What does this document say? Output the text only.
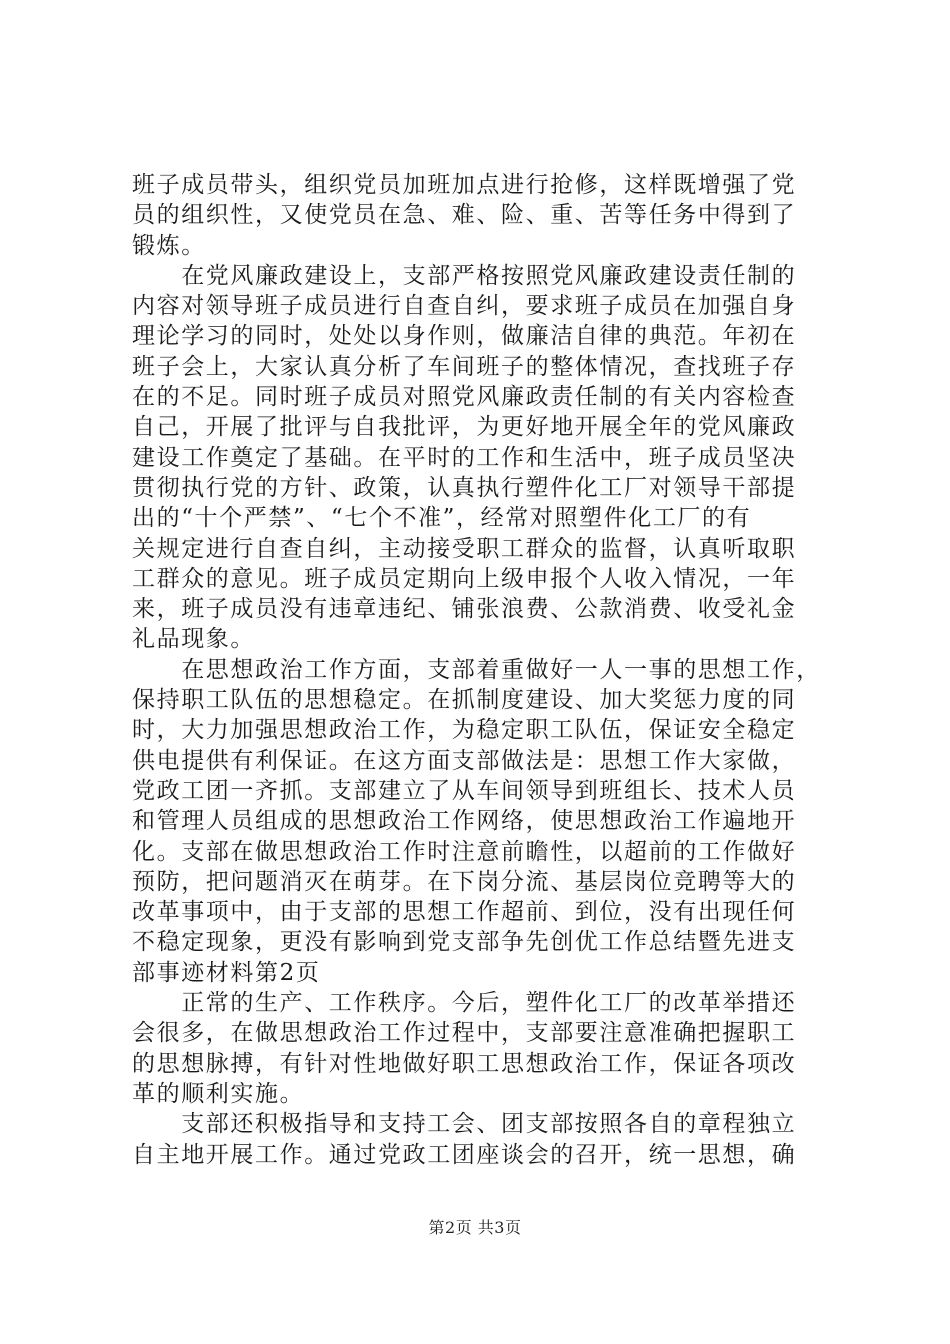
班子成员带头，组织党员加班加点进行抢修，这样既增强了党
员的组织性，又使党员在急、难、险、重、苦等任务中得到了
锻炼。
　　在党风廉政建设上，支部严格按照党风廉政建设责任制的
内容对领导班子成员进行自查自纠，要求班子成员在加强自身
理论学习的同时，处处以身作则，做廉洁自律的典范。年初在
班子会上，大家认真分析了车间班子的整体情况，查找班子存
在的不足。同时班子成员对照党风廉政责任制的有关内容检查
自己，开展了批评与自我批评，为更好地开展全年的党风廉政
建设工作奠定了基础。在平时的工作和生活中，班子成员坚决
贯彻执行党的方针、政策，认真执行塑件化工厂对领导干部提
出的“十个严禁”、“七个不准”，经常对照塑件化工厂的有
关规定进行自查自纠，主动接受职工群众的监督，认真听取职
工群众的意见。班子成员定期向上级申报个人收入情况，一年
来，班子成员没有违章违纪、铺张浪费、公款消费、收受礼金
礼品现象。
　　在思想政治工作方面，支部着重做好一人一事的思想工作，
保持职工队伍的思想稳定。在抓制度建设、加大奖惩力度的同
时，大力加强思想政治工作，为稳定职工队伍，保证安全稳定
供电提供有利保证。在这方面支部做法是：思想工作大家做，
党政工团一齐抓。支部建立了从车间领导到班组长、技术人员
和管理人员组成的思想政治工作网络，使思想政治工作遍地开
化。支部在做思想政治工作时注意前瞻性，以超前的工作做好
预防，把问题消灭在萌芽。在下岗分流、基层岗位竞聘等大的
改革事项中，由于支部的思想工作超前、到位，没有出现任何
不稳定现象，更没有影响到党支部争先创优工作总结暨先进支
部事迹材料第2页
　　正常的生产、工作秩序。今后，塑件化工厂的改革举措还
会很多，在做思想政治工作过程中，支部要注意准确把握职工
的思想脉搏，有针对性地做好职工思想政治工作，保证各项改
革的顺利实施。
　　支部还积极指导和支持工会、团支部按照各自的章程独立
自主地开展工作。通过党政工团座谈会的召开，统一思想，确
第2页 共3页
